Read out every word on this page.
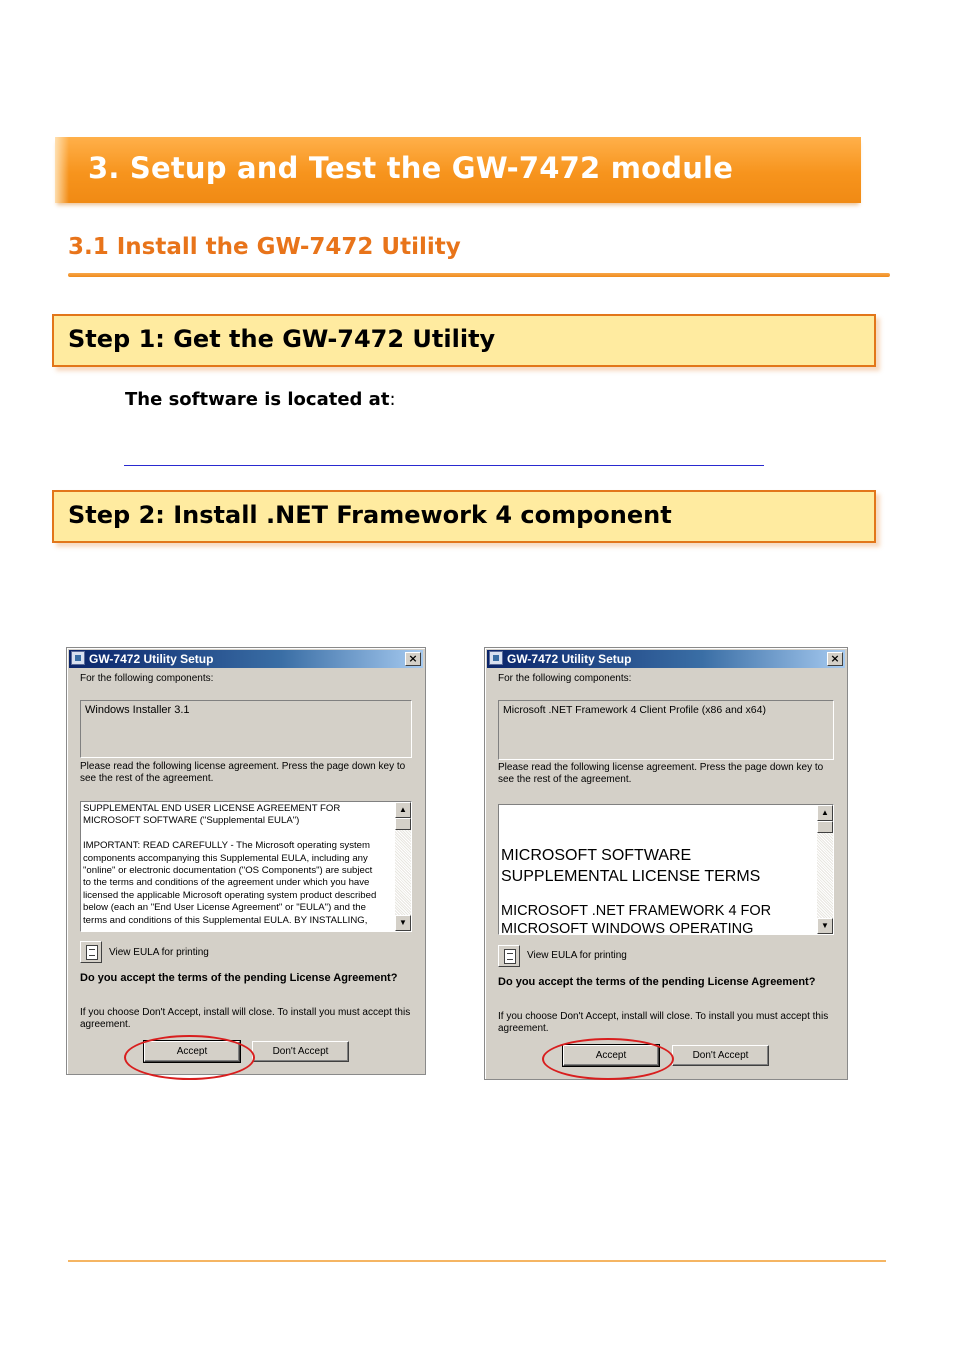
3. Setup and Test the GW-7472 module
3.1 Install the GW-7472 Utility
Step 1: Get the GW-7472 Utility
The software is located at:
Step 2: Install .NET Framework 4 component
GW-7472 Utility Setup	×
For the following components:
Windows Installer 3.1
Please read the following license agreement. Press the page down key to see the rest of the agreement.
SUPPLEMENTAL END USER LICENSE AGREEMENT FOR
MICROSOFT SOFTWARE ("Supplemental EULA")

IMPORTANT: READ CAREFULLY - The Microsoft operating system
components accompanying this Supplemental EULA, including any
"online" or electronic documentation ("OS Components") are subject
to the terms and conditions of the agreement under which you have
licensed the applicable Microsoft operating system product described
below (each an "End User License Agreement" or "EULA") and the
terms and conditions of this Supplemental EULA. BY INSTALLING,
▲
▼
View EULA for printing
Do you accept the terms of the pending License Agreement?
If you choose Don't Accept, install will close. To install you must accept this agreement.
Accept	Don't Accept
GW-7472 Utility Setup	×
For the following components:
Microsoft .NET Framework 4 Client Profile (x86 and x64)
Please read the following license agreement. Press the page down key to see the rest of the agreement.
MICROSOFT SOFTWARE
SUPPLEMENTAL LICENSE TERMS
MICROSOFT .NET FRAMEWORK 4 FOR
MICROSOFT WINDOWS OPERATING
▲
▼
View EULA for printing
Do you accept the terms of the pending License Agreement?
If you choose Don't Accept, install will close. To install you must accept this agreement.
Accept	Don't Accept
